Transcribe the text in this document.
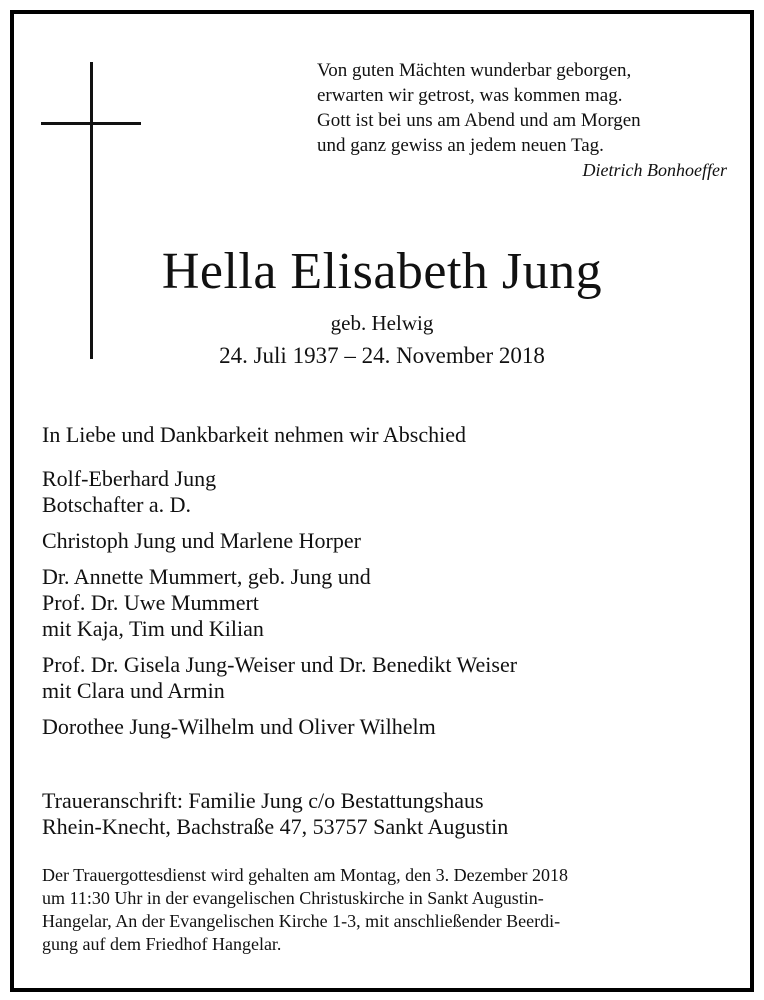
Von guten Mächten wunderbar geborgen,
erwarten wir getrost, was kommen mag.
Gott ist bei uns am Abend und am Morgen
und ganz gewiss an jedem neuen Tag.
Dietrich Bonhoeffer
Hella Elisabeth Jung
geb. Helwig
24. Juli 1937 – 24. November 2018
In Liebe und Dankbarkeit nehmen wir Abschied
Rolf-Eberhard Jung
Botschafter a. D.
Christoph Jung und Marlene Horper
Dr. Annette Mummert, geb. Jung und
Prof. Dr. Uwe Mummert
mit Kaja, Tim und Kilian
Prof. Dr. Gisela Jung-Weiser und Dr. Benedikt Weiser
mit Clara und Armin
Dorothee Jung-Wilhelm und Oliver Wilhelm
Traueranschrift: Familie Jung c/o Bestattungshaus
Rhein-Knecht, Bachstraße 47, 53757 Sankt Augustin
Der Trauergottesdienst wird gehalten am Montag, den 3. Dezember 2018
um 11:30 Uhr in der evangelischen Christuskirche in Sankt Augustin-
Hangelar, An der Evangelischen Kirche 1-3, mit anschließender Beerdi-
gung auf dem Friedhof Hangelar.
